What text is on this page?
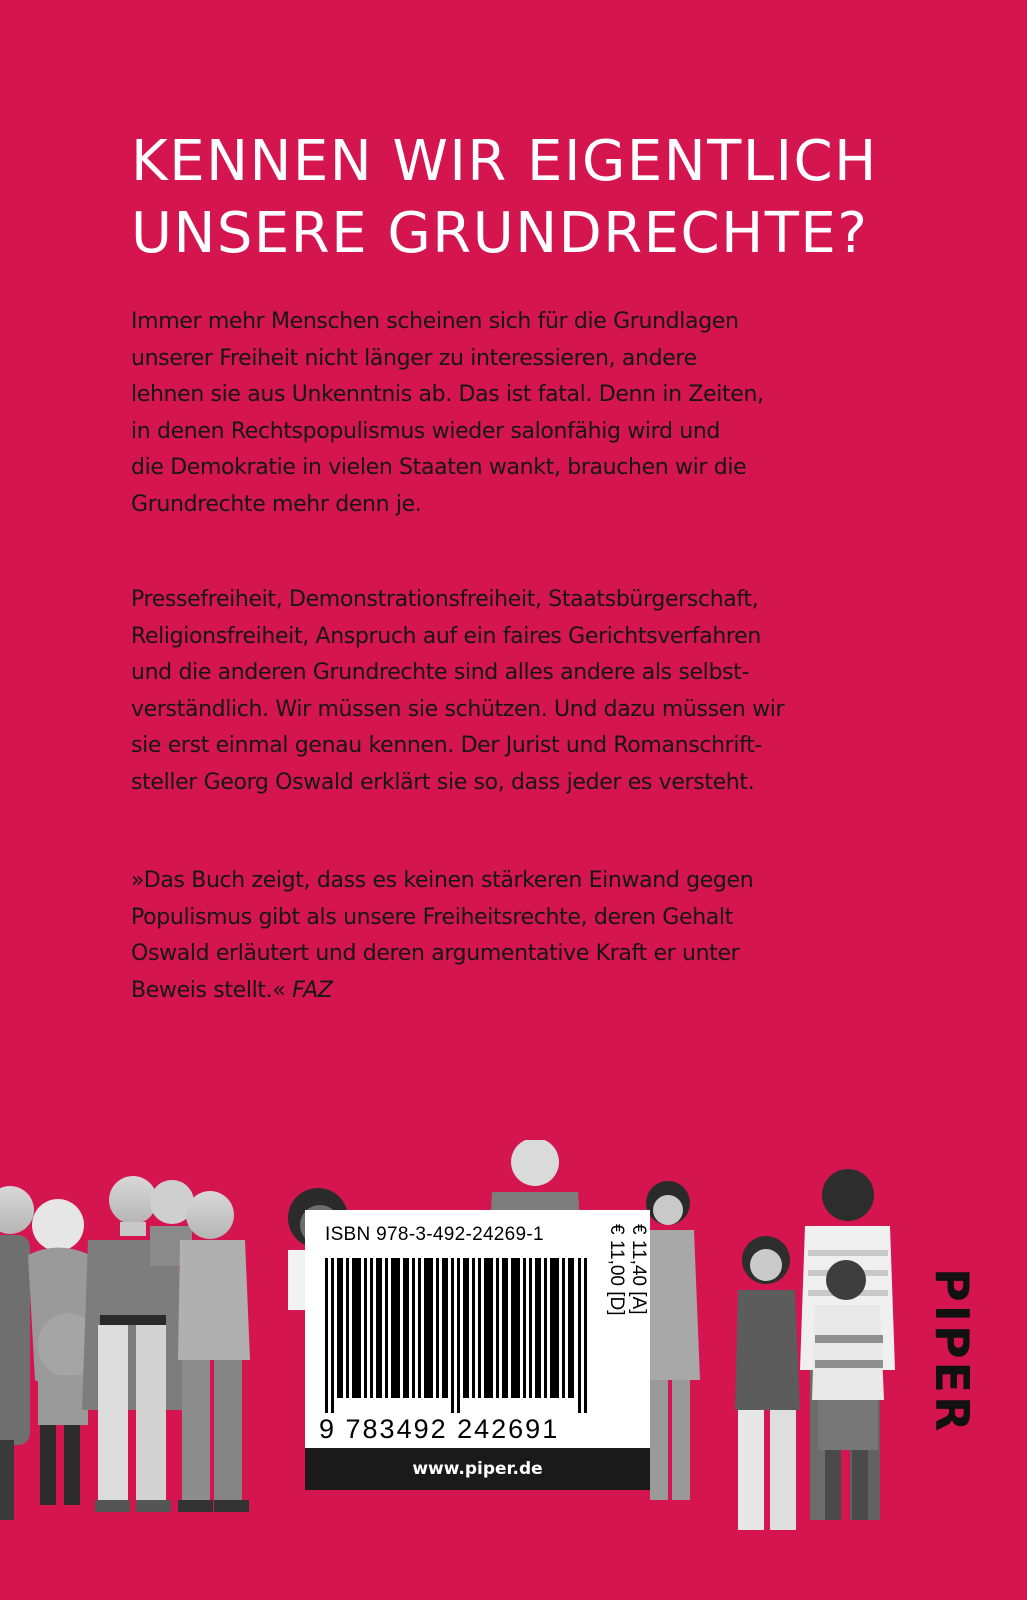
KENNEN WIR EIGENTLICH
UNSERE GRUNDRECHTE?
Immer mehr Menschen scheinen sich für die Grundlagen
unserer Freiheit nicht länger zu interessieren, andere
lehnen sie aus Unkenntnis ab. Das ist fatal. Denn in Zeiten,
in denen Rechtspopulismus wieder salonfähig wird und
die Demokratie in vielen Staaten wankt, brauchen wir die
Grundrechte mehr denn je.
Pressefreiheit, Demonstrationsfreiheit, Staatsbürgerschaft,
Religionsfreiheit, Anspruch auf ein faires Gerichtsverfahren
und die anderen Grundrechte sind alles andere als selbst-
verständlich. Wir müssen sie schützen. Und dazu müssen wir
sie erst einmal genau kennen. Der Jurist und Romanschrift-
steller Georg Oswald erklärt sie so, dass jeder es versteht.
»Das Buch zeigt, dass es keinen stärkeren Einwand gegen
Populismus gibt als unsere Freiheitsrechte, deren Gehalt
Oswald erläutert und deren argumentative Kraft er unter
Beweis stellt.« FAZ
ISBN 978-3-492-24269-1
9 783492 242691
€ 11,00 [D] € 11,40 [A]
www.piper.de
PIPER
